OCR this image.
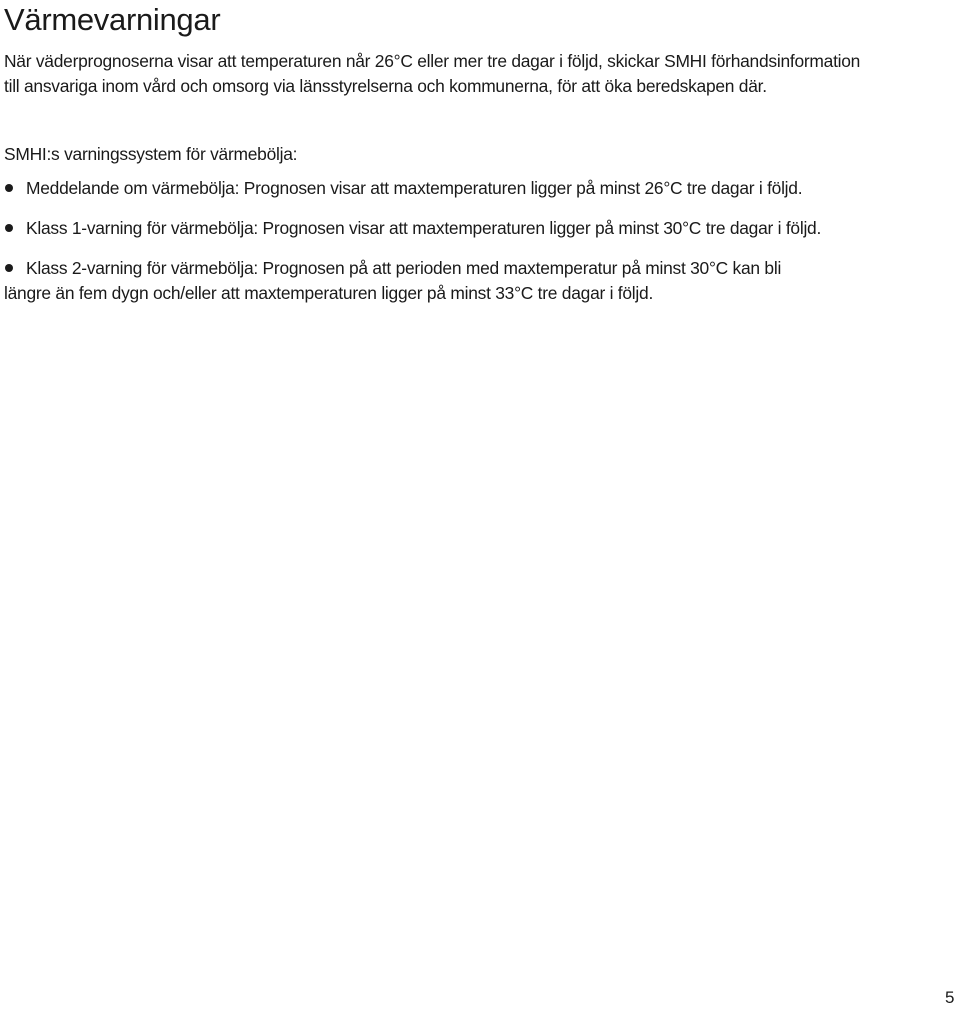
Värmevarningar

När väderprognoserna visar att temperaturen når 26°C eller mer tre dagar i följd, skickar SMHI förhandsinformation
till ansvariga inom vård och omsorg via länsstyrelserna och kommunerna, för att öka beredskapen där.

SMHI:s varningssystem för värmebölja:
Meddelande om värmebölja: Prognosen visar att maxtemperaturen ligger på minst 26°C tre dagar i följd.
Klass 1-varning för värmebölja: Prognosen visar att maxtemperaturen ligger på minst 30°C tre dagar i följd.
Klass 2-varning för värmebölja: Prognosen på att perioden med maxtemperatur på minst 30°C kan bli
längre än fem dygn och/eller att maxtemperaturen ligger på minst 33°C tre dagar i följd.
5
